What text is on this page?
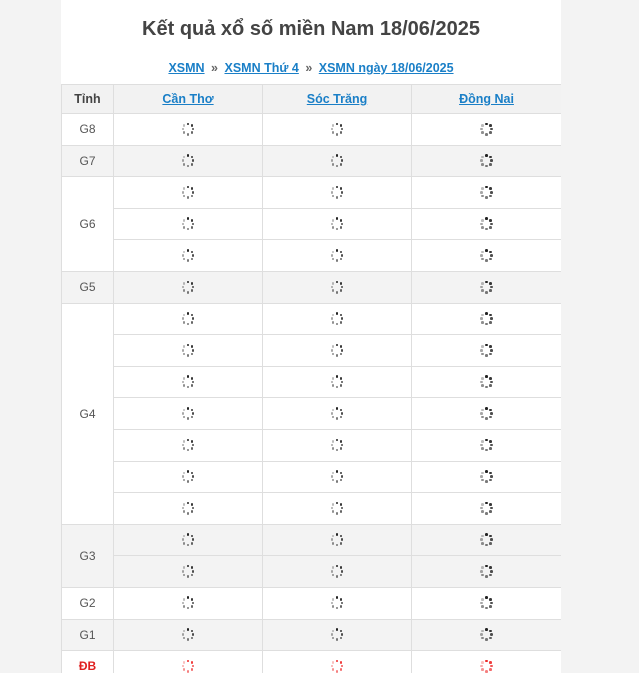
Kết quả xổ số miền Nam 18/06/2025
XSMN » XSMN Thứ 4 » XSMN ngày 18/06/2025
Tỉnh	Cần Thơ	Sóc Trăng	Đồng Nai
G8	

G7	

G6	

G5	

G4	

G3	

G2	

G1	

ĐB	
